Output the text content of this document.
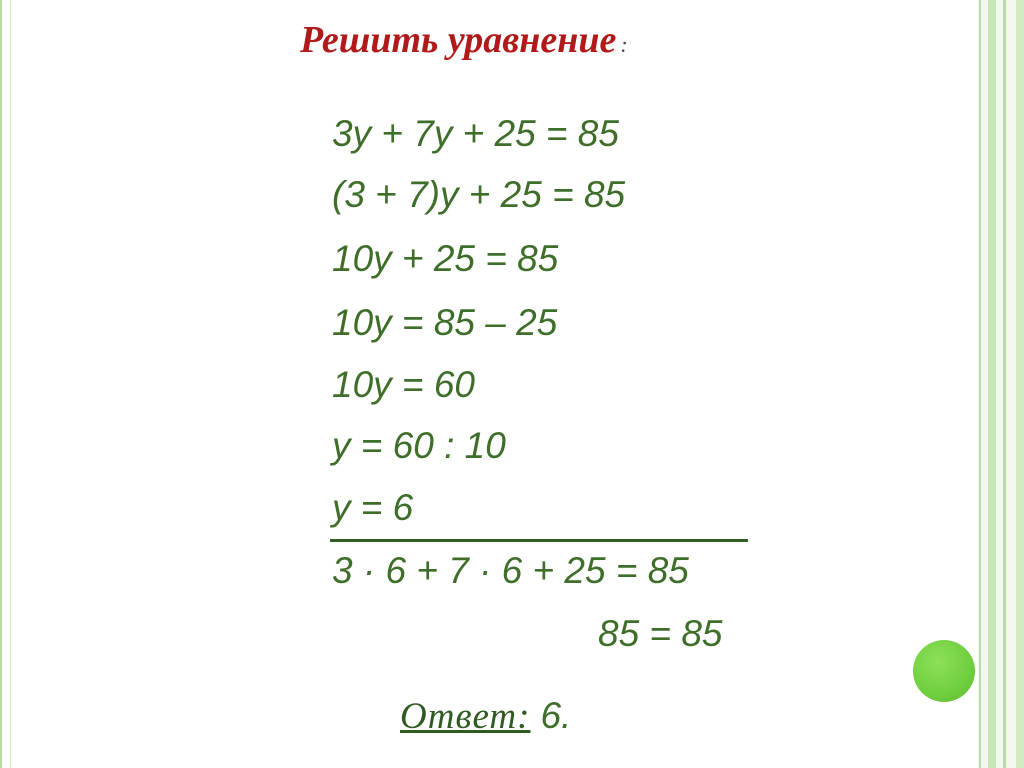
Решить уравнение :
3y + 7y + 25 = 85
(3 + 7)y + 25 = 85
10y + 25 = 85
10y = 85 – 25
10y = 60
y = 60 : 10
y = 6
3 · 6 + 7 · 6 + 25 = 85
85 = 85
Ответ: 6.
